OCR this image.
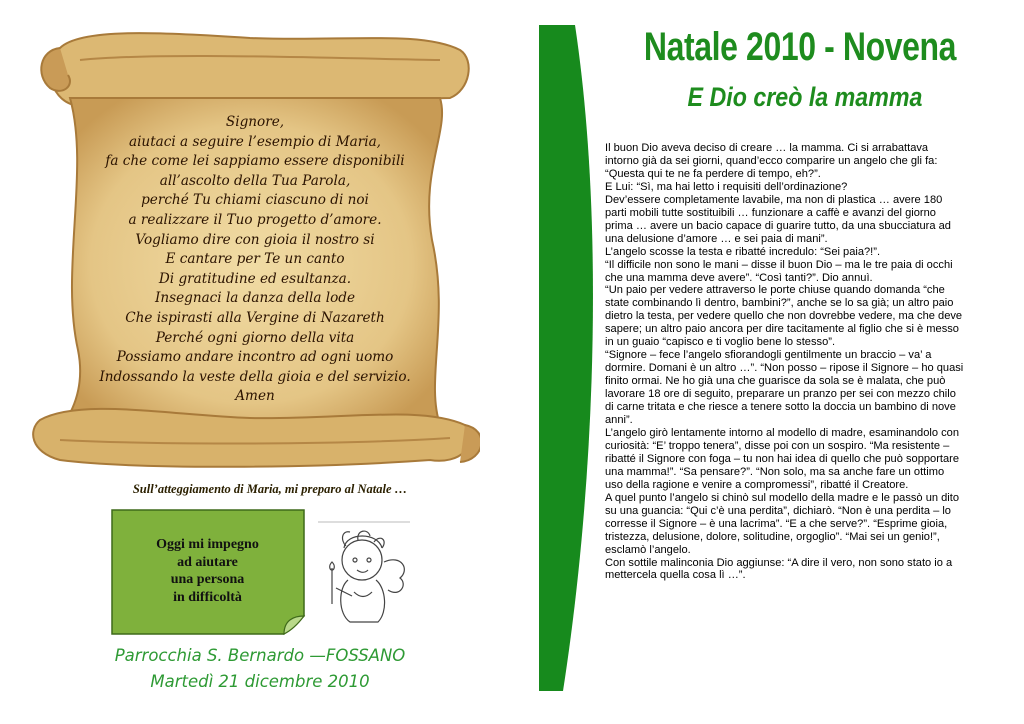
Signore,
aiutaci a seguire l’esempio di Maria,
fa che come lei sappiamo essere disponibili
all’ascolto della Tua Parola,
perché Tu chiami ciascuno di noi
a realizzare il Tuo progetto d’amore.
Vogliamo dire con gioia il nostro si
E cantare per Te un canto
Di gratitudine ed esultanza.
Insegnaci la danza della lode
Che ispirasti alla Vergine di Nazareth
Perché ogni giorno della vita
Possiamo andare incontro ad ogni uomo
Indossando la veste della gioia e del servizio.
Amen
Sull’atteggiamento di Maria, mi preparo al Natale …
Oggi mi impegno
ad aiutare
una persona
in difficoltà
Parrocchia S. Bernardo —FOSSANO
Martedì 21 dicembre 2010
Natale 2010 - Novena
E Dio creò la mamma

Il buon Dio aveva deciso di creare … la mamma. Ci si arrabattava intorno già da sei giorni, quand’ecco comparire un angelo che gli fa: “Questa qui te ne fa perdere di tempo, eh?”.

E Lui: “Sì, ma hai letto i requisiti dell’ordinazione?

Dev’essere completamente lavabile, ma non di plastica … avere 180 parti mobili tutte sostituibili … funzionare a caffè e avanzi del giorno prima … avere un bacio capace di guarire tutto, da una sbucciatura ad una delusione d’amore … e sei paia di mani”.

L’angelo scosse la testa e ribatté incredulo: “Sei paia?!”.

“Il difficile non sono le mani – disse il buon Dio – ma le tre paia di occhi che una mamma deve avere”. “Così tanti?”. Dio annuì.

“Un paio per vedere attraverso le porte chiuse quando domanda “che state combinando lì dentro, bambini?”, anche se lo sa già; un altro paio dietro la testa, per vedere quello che non dovrebbe vedere, ma che deve sapere; un altro paio ancora per dire tacitamente al figlio che si è messo in un guaio “capisco e ti voglio bene lo stesso”.

“Signore – fece l’angelo sfiorandogli gentilmente un braccio – va’ a dormire. Domani è un altro …”. “Non posso – ripose il Signore – ho quasi finito ormai. Ne ho già una che guarisce da sola se è malata, che può lavorare 18 ore di seguito, preparare un pranzo per sei con mezzo chilo di carne tritata e che riesce a tenere sotto la doccia un bambino di nove anni”.

L’angelo girò lentamente intorno al modello di madre, esaminandolo con curiosità: “E’ troppo tenera”, disse poi con un sospiro. “Ma resistente – ribatté il Signore con foga – tu non hai idea di quello che può sopportare una mamma!”. “Sa pensare?”. “Non solo, ma sa anche fare un ottimo uso della ragione e venire a compromessi”, ribatté il Creatore.

A quel punto l’angelo si chinò sul modello della madre e le passò un dito su una guancia: “Qui c’è una perdita”, dichiarò. “Non è una perdita – lo corresse il Signore – è una lacrima”. “E a che serve?”. “Esprime gioia, tristezza, delusione, dolore, solitudine, orgoglio”. “Mai sei un genio!”, esclamò l’angelo.

Con sottile malinconia Dio aggiunse: “A dire il vero, non sono stato io a mettercela quella cosa lì …”.
